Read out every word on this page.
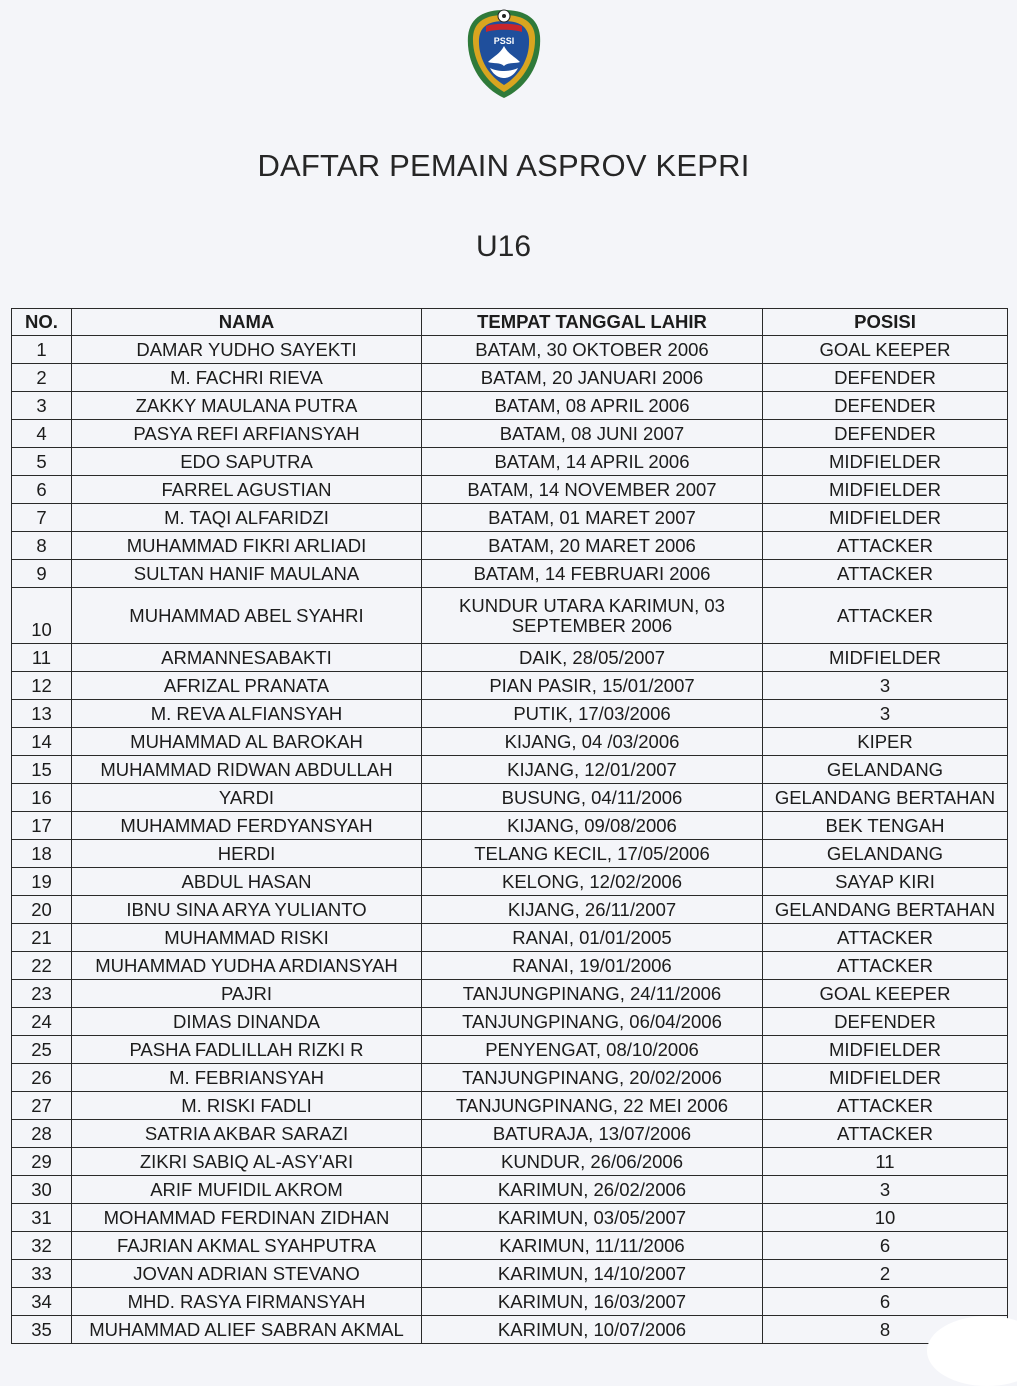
PSSI
DAFTAR PEMAIN ASPROV KEPRI
U16
NO.	NAMA	TEMPAT TANGGAL LAHIR	POSISI
1	DAMAR YUDHO SAYEKTI	BATAM, 30 OKTOBER 2006	GOAL KEEPER
2	M. FACHRI RIEVA	BATAM, 20 JANUARI 2006	DEFENDER
3	ZAKKY MAULANA PUTRA	BATAM, 08 APRIL 2006	DEFENDER
4	PASYA REFI ARFIANSYAH	BATAM, 08 JUNI 2007	DEFENDER
5	EDO SAPUTRA	BATAM, 14 APRIL 2006	MIDFIELDER
6	FARREL AGUSTIAN	BATAM, 14 NOVEMBER 2007	MIDFIELDER
7	M. TAQI ALFARIDZI	BATAM, 01 MARET 2007	MIDFIELDER
8	MUHAMMAD FIKRI ARLIADI	BATAM, 20 MARET 2006	ATTACKER
9	SULTAN HANIF MAULANA	BATAM, 14 FEBRUARI 2006	ATTACKER
10	MUHAMMAD ABEL SYAHRI	KUNDUR UTARA KARIMUN, 03 SEPTEMBER 2006	ATTACKER
11	ARMANNESABAKTI	DAIK, 28/05/2007	MIDFIELDER
12	AFRIZAL PRANATA	PIAN PASIR, 15/01/2007	3
13	M. REVA ALFIANSYAH	PUTIK, 17/03/2006	3
14	MUHAMMAD AL BAROKAH	KIJANG, 04 /03/2006	KIPER
15	MUHAMMAD RIDWAN ABDULLAH	KIJANG, 12/01/2007	GELANDANG
16	YARDI	BUSUNG, 04/11/2006	GELANDANG BERTAHAN
17	MUHAMMAD FERDYANSYAH	KIJANG, 09/08/2006	BEK TENGAH
18	HERDI	TELANG KECIL, 17/05/2006	GELANDANG
19	ABDUL HASAN	KELONG, 12/02/2006	SAYAP KIRI
20	IBNU SINA ARYA YULIANTO	KIJANG, 26/11/2007	GELANDANG BERTAHAN
21	MUHAMMAD RISKI	RANAI, 01/01/2005	ATTACKER
22	MUHAMMAD YUDHA ARDIANSYAH	RANAI, 19/01/2006	ATTACKER
23	PAJRI	TANJUNGPINANG, 24/11/2006	GOAL KEEPER
24	DIMAS DINANDA	TANJUNGPINANG, 06/04/2006	DEFENDER
25	PASHA FADLILLAH RIZKI R	PENYENGAT, 08/10/2006	MIDFIELDER
26	M. FEBRIANSYAH	TANJUNGPINANG, 20/02/2006	MIDFIELDER
27	M. RISKI FADLI	TANJUNGPINANG, 22 MEI 2006	ATTACKER
28	SATRIA AKBAR SARAZI	BATURAJA, 13/07/2006	ATTACKER
29	ZIKRI SABIQ AL-ASY'ARI	KUNDUR, 26/06/2006	11
30	ARIF MUFIDIL AKROM	KARIMUN, 26/02/2006	3
31	MOHAMMAD FERDINAN ZIDHAN	KARIMUN, 03/05/2007	10
32	FAJRIAN AKMAL SYAHPUTRA	KARIMUN, 11/11/2006	6
33	JOVAN ADRIAN STEVANO	KARIMUN, 14/10/2007	2
34	MHD. RASYA FIRMANSYAH	KARIMUN, 16/03/2007	6
35	MUHAMMAD ALIEF SABRAN AKMAL	KARIMUN, 10/07/2006	8
